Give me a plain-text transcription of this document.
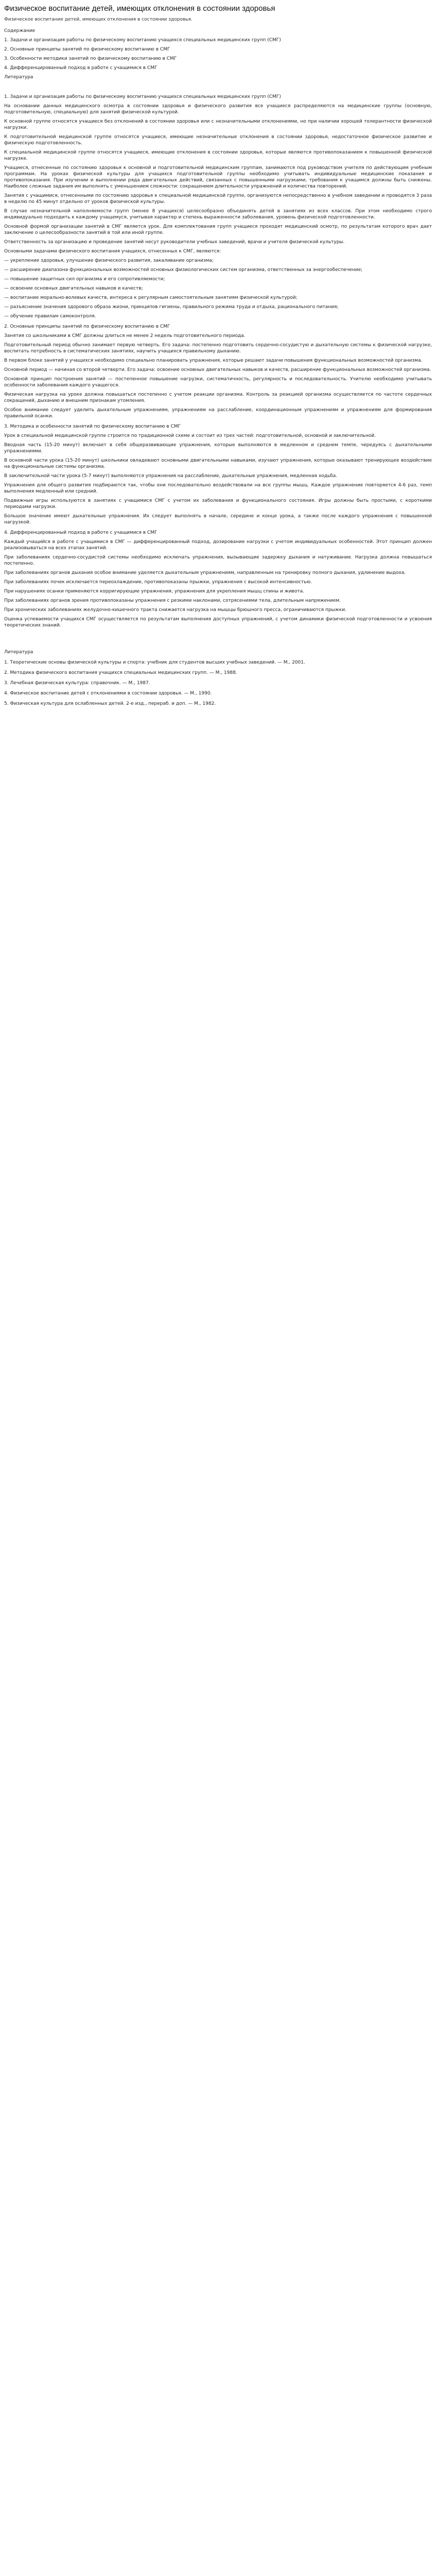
Физическое воспитание детей, имеющих отклонения в состоянии здоровья
Физическое воспитание детей, имеющих отклонения в состоянии здоровья.

Содержание

1. Задачи и организация работы по физическому воспитанию учащихся специальных медицинских групп (СМГ)

2. Основные принципы занятий по физическому воспитанию в СМГ

3. Особенности методики занятий по физическому воспитанию в СМГ

4. Дифференцированный подход в работе с учащимися в СМГ

Литература

1. Задачи и организация работы по физическому воспитанию учащихся специальных медицинских групп (СМГ)

На основании данных медицинского осмотра в состоянии здоровья и физического развития все учащиеся распределяются на медицинские группы (основную, подготовительную, специальную) для занятий физической культурой.

К основной группе относятся учащиеся без отклонений в состоянии здоровья или с незначительными отклонениями, но при наличии хорошей толерантности физической нагрузки.

К подготовительной медицинской группе относятся учащиеся, имеющие незначительные отклонения в состоянии здоровья, недостаточное физическое развитие и физическую подготовленность.

К специальной медицинской группе относятся учащиеся, имеющие отклонения в состоянии здоровья, которые являются противопоказанием к повышенной физической нагрузке.

Учащиеся, отнесенные по состоянию здоровья к основной и подготовительной медицинским группам, занимаются под руководством учителя по действующим учебным программам. На уроках физической культуры для учащихся подготовительной группы необходимо учитывать индивидуальные медицинские показания и противопоказания. При изучении и выполнении ряда двигательных действий, связанных с повышенными нагрузками, требования к учащимся должны быть снижены. Наиболее сложные задания им выполнять с уменьшением сложности: сокращением длительности упражнений и количества повторений.

Занятия с учащимися, отнесенными по состоянию здоровья к специальной медицинской группе, организуются непосредственно в учебном заведении и проводятся 3 раза в неделю по 45 минут отдельно от уроков физической культуры.

В случае незначительной наполняемости групп (менее 8 учащихся) целесообразно объединять детей в занятиях из всех классов. При этом необходимо строго индивидуально подходить к каждому учащемуся, учитывая характер и степень выраженности заболевания, уровень физической подготовленности.

Основной формой организации занятий в СМГ является урок. Для комплектования групп учащиеся проходят медицинский осмотр, по результатам которого врач дает заключение о целесообразности занятий в той или иной группе.

Ответственность за организацию и проведение занятий несут руководители учебных заведений, врачи и учителя физической культуры.

Основными задачами физического воспитания учащихся, отнесенных к СМГ, являются:

— укрепление здоровья, улучшение физического развития, закаливание организма;

— расширение диапазона функциональных возможностей основных физиологических систем организма, ответственных за энергообеспечение;

— повышение защитных сил организма и его сопротивляемости;

— освоение основных двигательных навыков и качеств;

— воспитание морально-волевых качеств, интереса к регулярным самостоятельным занятиям физической культурой;

— разъяснение значения здорового образа жизни, принципов гигиены, правильного режима труда и отдыха, рационального питания;

— обучение правилам самоконтроля.

2. Основные принципы занятий по физическому воспитанию в СМГ

Занятия со школьниками в СМГ должны длиться не менее 2 недель подготовительного периода.

Подготовительный период обычно занимает первую четверть. Его задача: постепенно подготовить сердечно-сосудистую и дыхательную системы к физической нагрузке, воспитать потребность в систематических занятиях, научить учащихся правильному дыханию.

В первом блоке занятий у учащихся необходимо специально планировать упражнения, которые решают задачи повышения функциональных возможностей организма.

Основной период — начиная со второй четверти. Его задача: освоение основных двигательных навыков и качеств, расширение функциональных возможностей организма.

Основной принцип построения занятий — постепенное повышение нагрузки, систематичность, регулярность и последовательность. Учителю необходимо учитывать особенности заболевания каждого учащегося.

Физическая нагрузка на уроке должна повышаться постепенно с учетом реакции организма. Контроль за реакцией организма осуществляется по частоте сердечных сокращений, дыханию и внешним признакам утомления.

Особое внимание следует уделить дыхательным упражнениям, упражнениям на расслабление, координационным упражнениям и упражнениям для формирования правильной осанки.

3. Методика и особенности занятий по физическому воспитанию в СМГ

Урок в специальной медицинской группе строится по традиционной схеме и состоит из трех частей: подготовительной, основной и заключительной.

Вводная часть (15-20 минут) включает в себя общеразвивающие упражнения, которые выполняются в медленном и среднем темпе, чередуясь с дыхательными упражнениями.

В основной части урока (15-20 минут) школьники овладевают основными двигательными навыками, изучают упражнения, которые оказывают тренирующее воздействие на функциональные системы организма.

В заключительной части урока (5-7 минут) выполняются упражнения на расслабление, дыхательные упражнения, медленная ходьба.

Упражнения для общего развития подбираются так, чтобы они последовательно воздействовали на все группы мышц. Каждое упражнение повторяется 4-6 раз, темп выполнения медленный или средний.

Подвижные игры используются в занятиях с учащимися СМГ с учетом их заболевания и функционального состояния. Игры должны быть простыми, с короткими периодами нагрузки.

Большое значение имеют дыхательные упражнения. Их следует выполнять в начале, середине и конце урока, а также после каждого упражнения с повышенной нагрузкой.

4. Дифференцированный подход в работе с учащимися в СМГ

Каждый учащийся в работе с учащимися в СМГ — дифференцированный подход, дозирование нагрузки с учетом индивидуальных особенностей. Этот принцип должен реализовываться на всех этапах занятий.

При заболеваниях сердечно-сосудистой системы необходимо исключать упражнения, вызывающие задержку дыхания и натуживание. Нагрузка должна повышаться постепенно.

При заболеваниях органов дыхания особое внимание уделяется дыхательным упражнениям, направленным на тренировку полного дыхания, удлинение выдоха.

При заболеваниях почек исключается переохлаждение, противопоказаны прыжки, упражнения с высокой интенсивностью.

При нарушениях осанки применяются корригирующие упражнения, упражнения для укрепления мышц спины и живота.

При заболеваниях органов зрения противопоказаны упражнения с резкими наклонами, сотрясениями тела, длительным напряжением.

При хронических заболеваниях желудочно-кишечного тракта снижается нагрузка на мышцы брюшного пресса, ограничиваются прыжки.

Оценка успеваемости учащихся СМГ осуществляется по результатам выполнения доступных упражнений, с учетом динамики физической подготовленности и усвоения теоретических знаний.

Литература

1. Теоретические основы физической культуры и спорта: учебник для студентов высших учебных заведений. — М., 2001.

2. Методика физического воспитания учащихся специальных медицинских групп. — М., 1988.

3. Лечебная физическая культура: справочник. — М., 1987.

4. Физическое воспитание детей с отклонениями в состоянии здоровья. — М., 1990.

5. Физическая культура для ослабленных детей. 2-е изд., перераб. и доп. — М., 1982.
